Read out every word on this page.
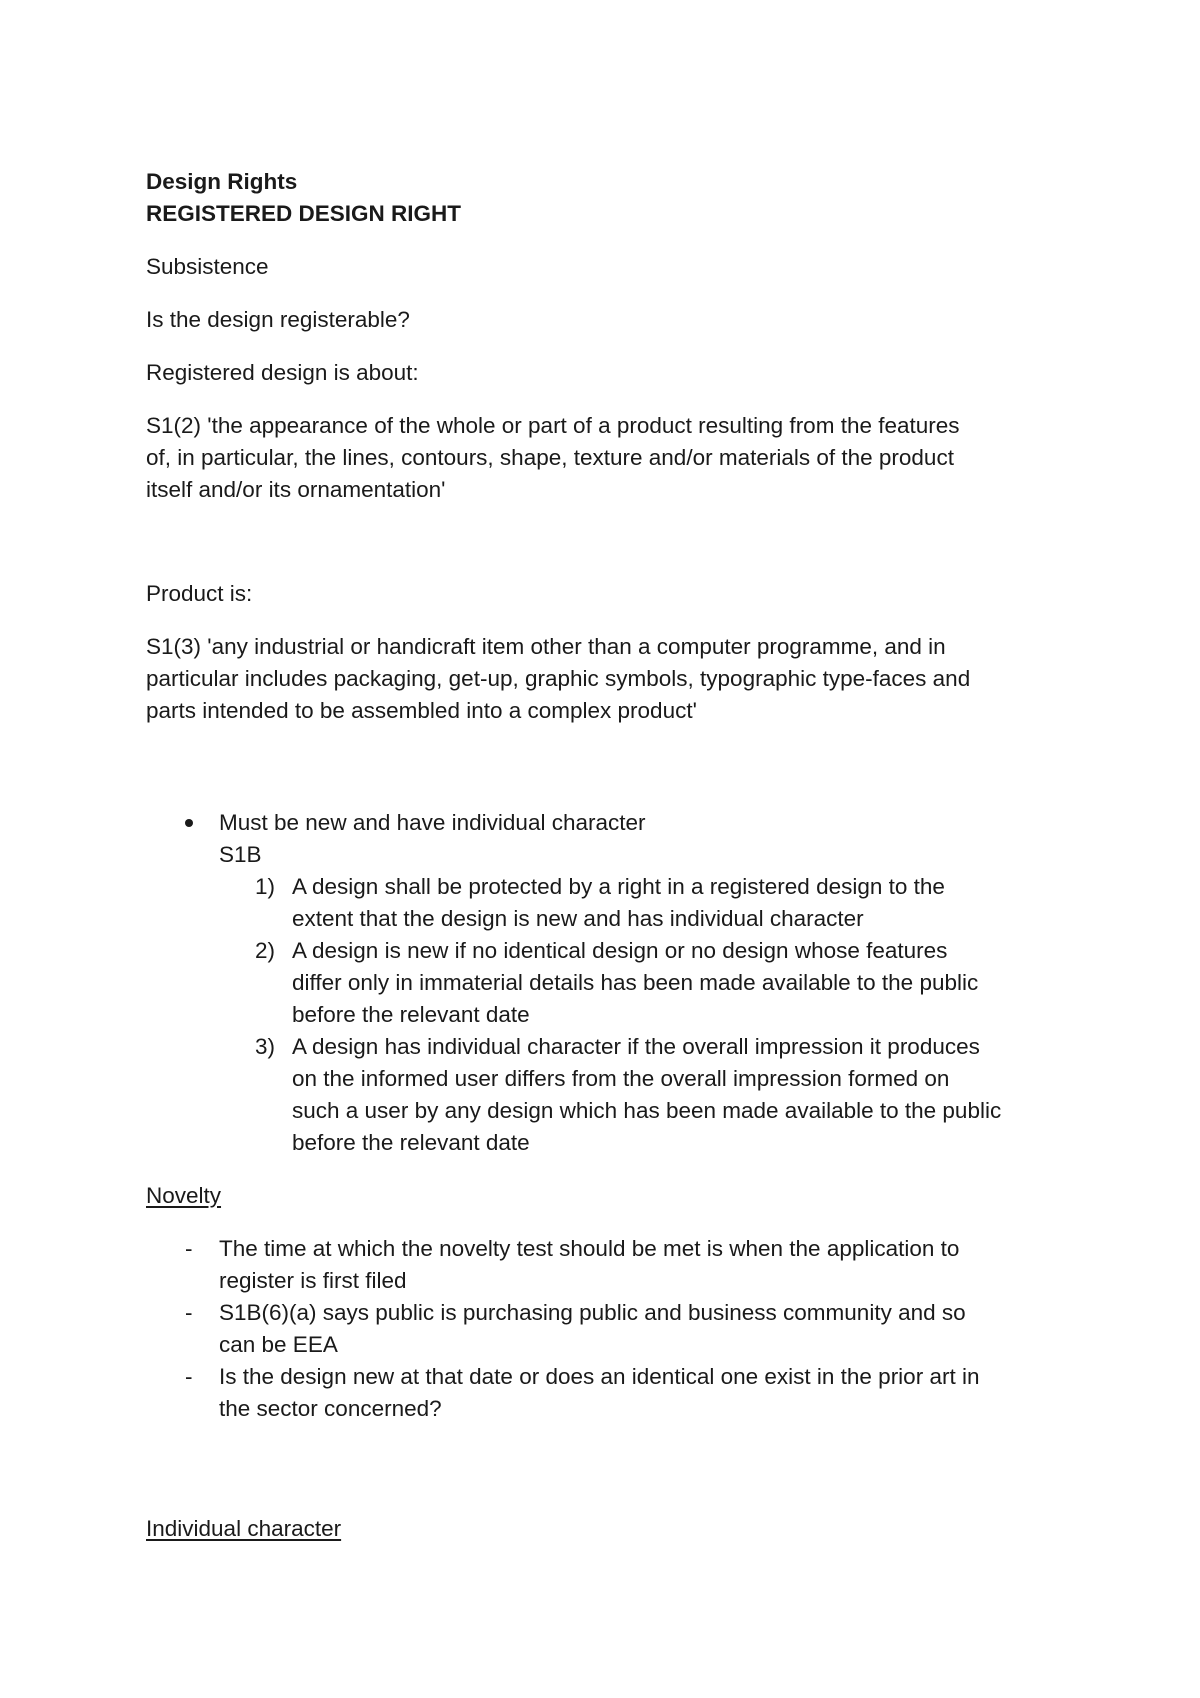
Design Rights

REGISTERED DESIGN RIGHT

Subsistence

Is the design registerable?

Registered design is about:

S1(2) 'the appearance of the whole or part of a product resulting from the features
of, in particular, the lines, contours, shape, texture and/or materials of the product
itself and/or its ornamentation'

Product is:

S1(3) 'any industrial or handicraft item other than a computer programme, and in
particular includes packaging, get-up, graphic symbols, typographic type-faces and
parts intended to be assembled into a complex product'
Must be new and have individual character
S1B
1) A design shall be protected by a right in a registered design to the
extent that the design is new and has individual character
2) A design is new if no identical design or no design whose features
differ only in immaterial details has been made available to the public
before the relevant date
3) A design has individual character if the overall impression it produces
on the informed user differs from the overall impression formed on
such a user by any design which has been made available to the public
before the relevant date

Novelty

- The time at which the novelty test should be met is when the application to
register is first filed
- S1B(6)(a) says public is purchasing public and business community and so
can be EEA
- Is the design new at that date or does an identical one exist in the prior art in
the sector concerned?

Individual character
